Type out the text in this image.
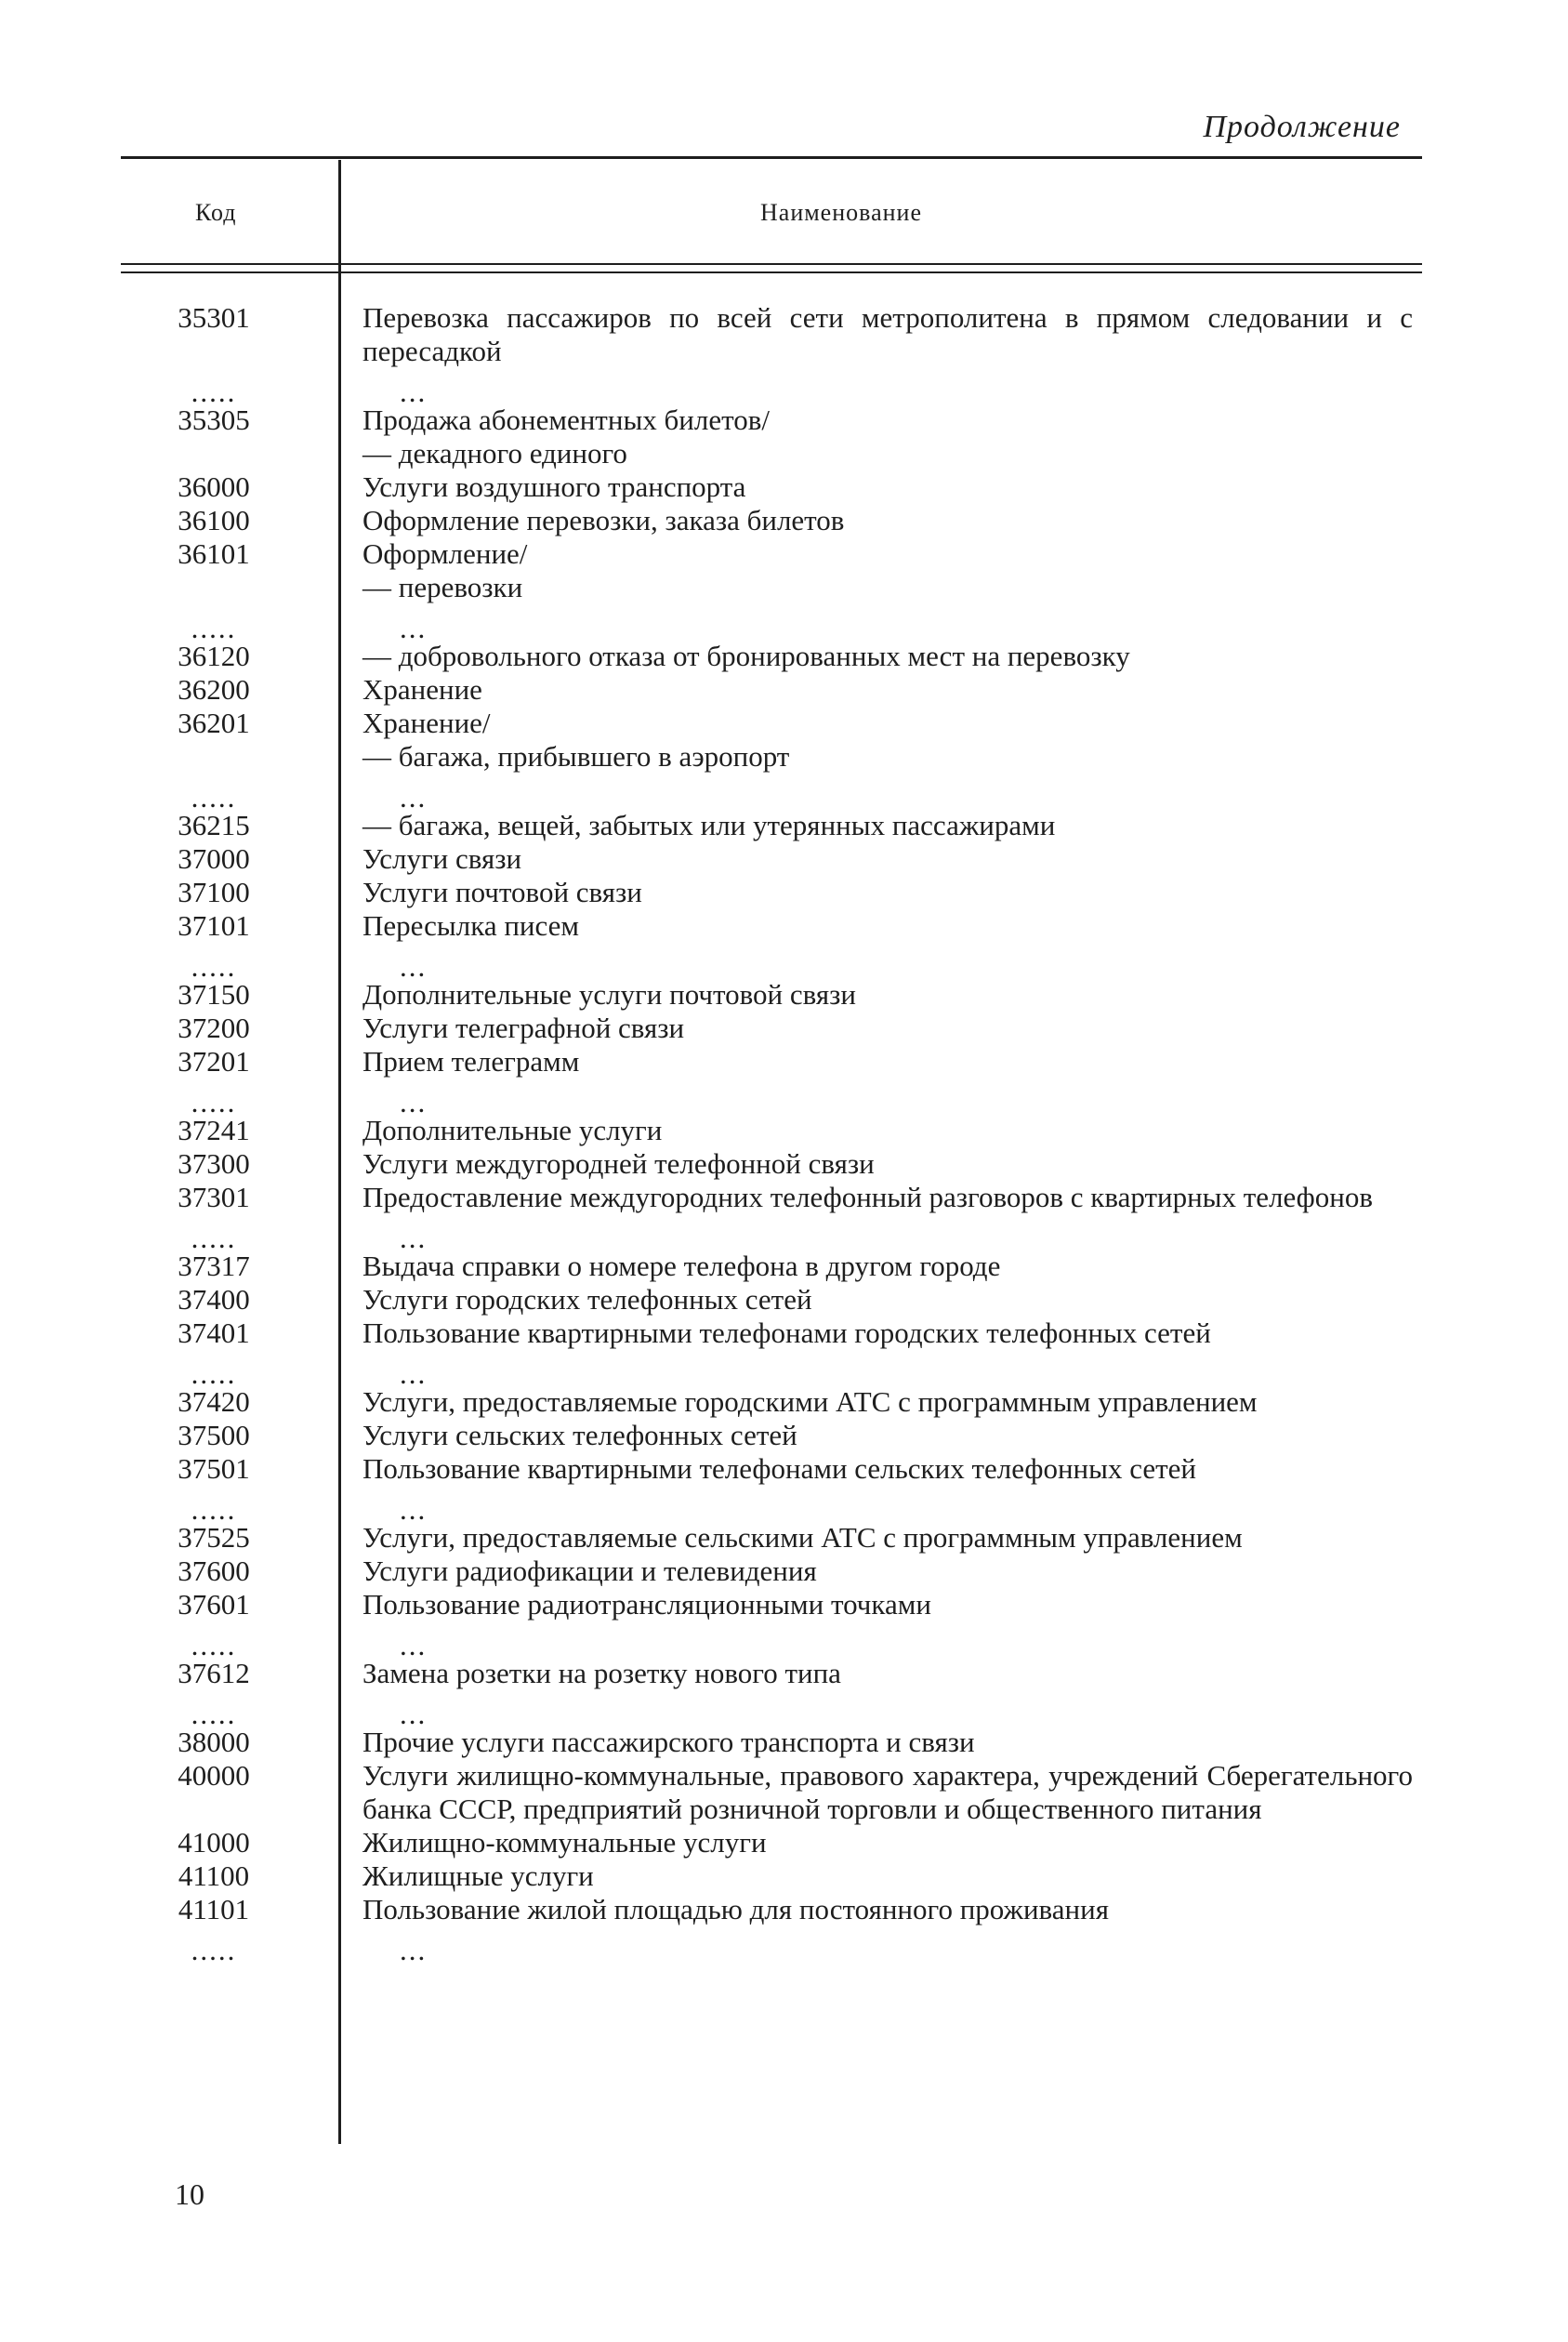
Продолжение
Код	Наименование
35301	Перевозка пассажиров по всей сети метрополитена в прямом следовании и с пересадкой
.....	...
35305	Продажа абонементных билетов/
— декадного единого
36000	Услуги воздушного транспорта
36100	Оформление перевозки, заказа билетов
36101	Оформление/
— перевозки
.....	...
36120	— добровольного отказа от бронированных мест на перевозку
36200	Хранение
36201	Хранение/
— багажа, прибывшего в аэропорт
.....	...
36215	— багажа, вещей, забытых или утерянных пассажирами
37000	Услуги связи
37100	Услуги почтовой связи
37101	Пересылка писем
.....	...
37150	Дополнительные услуги почтовой связи
37200	Услуги телеграфной связи
37201	Прием телеграмм
.....	...
37241	Дополнительные услуги
37300	Услуги междугородней телефонной связи
37301	Предоставление междугородних телефонный разговоров с квартирных телефонов
.....	...
37317	Выдача справки о номере телефона в другом городе
37400	Услуги городских телефонных сетей
37401	Пользование квартирными телефонами городских телефонных сетей
.....	...
37420	Услуги, предоставляемые городскими АТС с программным управлением
37500	Услуги сельских телефонных сетей
37501	Пользование квартирными телефонами сельских телефонных сетей
.....	...
37525	Услуги, предоставляемые сельскими АТС с программным управлением
37600	Услуги радиофикации и телевидения
37601	Пользование радиотрансляционными точками
.....	...
37612	Замена розетки на розетку нового типа
.....	...
38000	Прочие услуги пассажирского транспорта и связи
40000	Услуги жилищно-коммунальные, правового характера, учреждений Сберегательного банка СССР, предприятий розничной торговли и общественного питания
41000	Жилищно-коммунальные услуги
41100	Жилищные услуги
41101	Пользование жилой площадью для постоянного проживания
.....	...
10
